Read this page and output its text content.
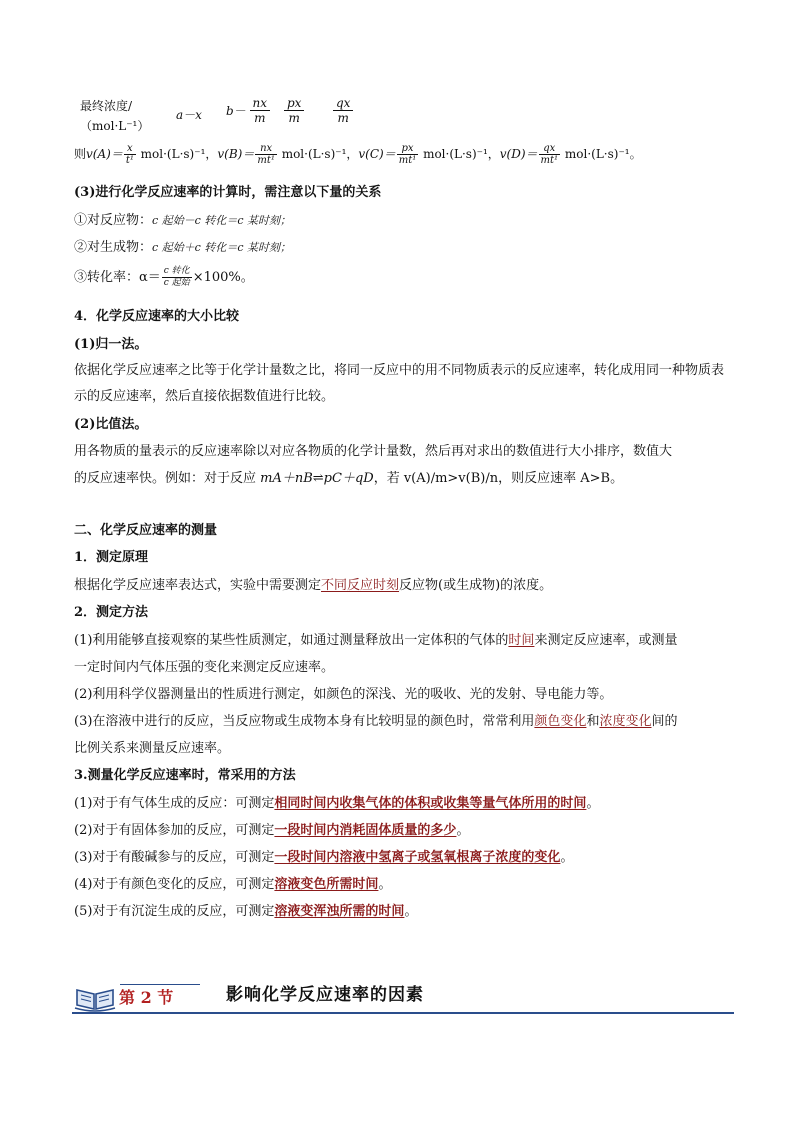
最终浓度/
（mol·L⁻¹）
a－x $b- \frac{nx}{m} \frac{px}{m} \frac{qx}{m}$
则$v(A)= \frac{x}{\text{t¹}} mol\cdot(L\cdot s)^{-1}$，$v(B)= \frac{nx}{\text{mt¹}} mol\cdot(L\cdot s)^{-1}$，$v(C)= \frac{px}{\text{mt¹}} mol\cdot(L\cdot s)^{-1}$，$v(D)= \frac{qx}{\text{mt¹}} mol\cdot(L\cdot s)^{-1}$。
(3)进行化学反应速率的计算时，需注意以下量的关系
①对反应物：c 起始－c 转化＝c 某时刻；
②对生成物：c 起始＋c 转化＝c 某时刻；
③转化率：$\alpha= \frac{\text{c 转化}}{\text{c 起始}} \times 100\%$。
4．化学反应速率的大小比较
(1)归一法。
依据化学反应速率之比等于化学计量数之比，将同一反应中的用不同物质表示的反应速率，转化成用同一种物质表示的反应速率，然后直接依据数值进行比较。
(2)比值法。
用各物质的量表示的反应速率除以对应各物质的化学计量数，然后再对求出的数值进行大小排序，数值大
的反应速率快。例如：对于反应 mA＋nB⇌pC＋qD，若 v(A)/m>v(B)/n，则反应速率 A>B。
二、化学反应速率的测量
1．测定原理
根据化学反应速率表达式，实验中需要测定不同反应时刻反应物(或生成物)的浓度。
2．测定方法
(1)利用能够直接观察的某些性质测定，如通过测量释放出一定体积的气体的时间来测定反应速率，或测量
一定时间内气体压强的变化来测定反应速率。
(2)利用科学仪器测量出的性质进行测定，如颜色的深浅、光的吸收、光的发射、导电能力等。
(3)在溶液中进行的反应，当反应物或生成物本身有比较明显的颜色时，常常利用颜色变化和浓度变化间的
比例关系来测量反应速率。
3.测量化学反应速率时，常采用的方法
(1)对于有气体生成的反应：可测定相同时间内收集气体的体积或收集等量气体所用的时间。
(2)对于有固体参加的反应，可测定一段时间内消耗固体质量的多少。
(3)对于有酸碱参与的反应，可测定一段时间内溶液中氢离子或氢氧根离子浓度的变化。
(4)对于有颜色变化的反应，可测定溶液变色所需时间。
(5)对于有沉淀生成的反应，可测定溶液变浑浊所需的时间。
第 2 节	影响化学反应速率的因素
